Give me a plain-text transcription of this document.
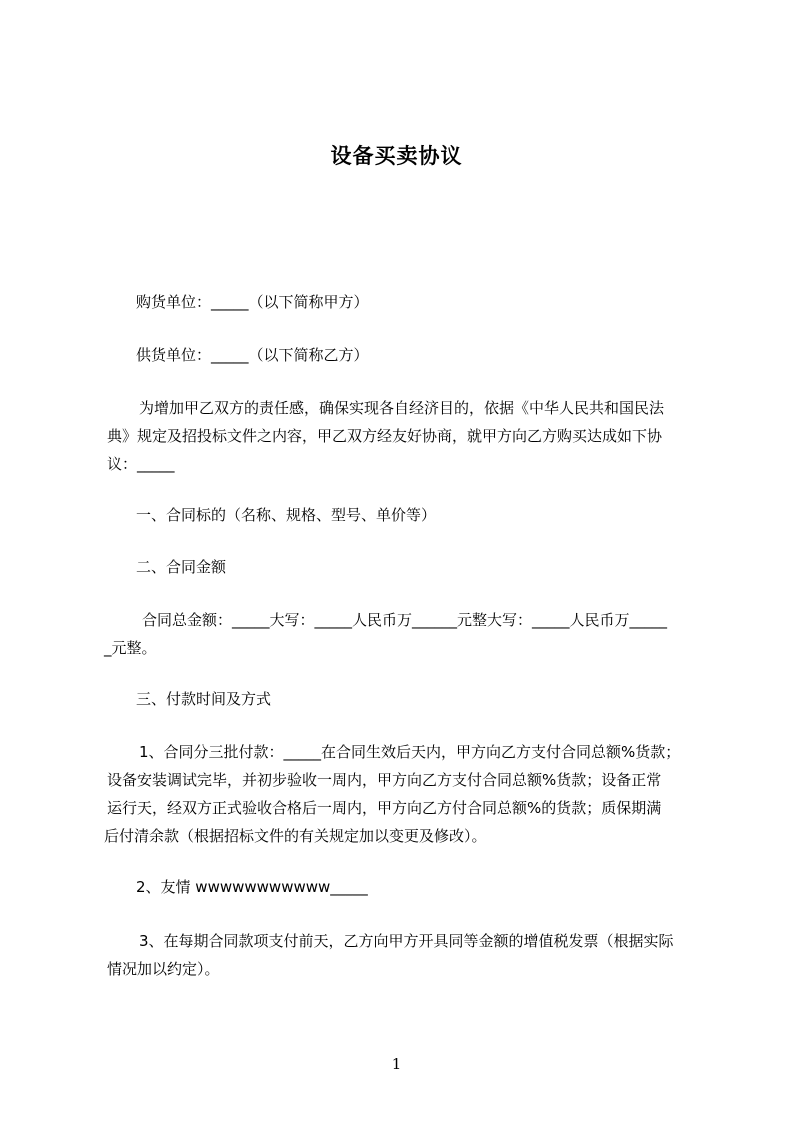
设备买卖协议

购货单位：_____（以下简称甲方）

供货单位：_____（以下简称乙方）

为增加甲乙双方的责任感，确保实现各自经济目的，依据《中华人民共和国民法

典》规定及招投标文件之内容，甲乙双方经友好协商，就甲方向乙方购买达成如下协

议：_____

一、合同标的（名称、规格、型号、单价等）

二、合同金额

合同总金额：_____大写：_____人民币万______元整大写：_____人民币万_____

_元整。

三、付款时间及方式

1、合同分三批付款：_____在合同生效后天内，甲方向乙方支付合同总额%货款；

设备安装调试完毕，并初步验收一周内，甲方向乙方支付合同总额%货款；设备正常

运行天，经双方正式验收合格后一周内，甲方向乙方付合同总额%的货款；质保期满

后付清余款（根据招标文件的有关规定加以变更及修改）。

2、友情 wwwwwwwwwww_____

3、在每期合同款项支付前天，乙方向甲方开具同等金额的增值税发票（根据实际

情况加以约定）。

1
